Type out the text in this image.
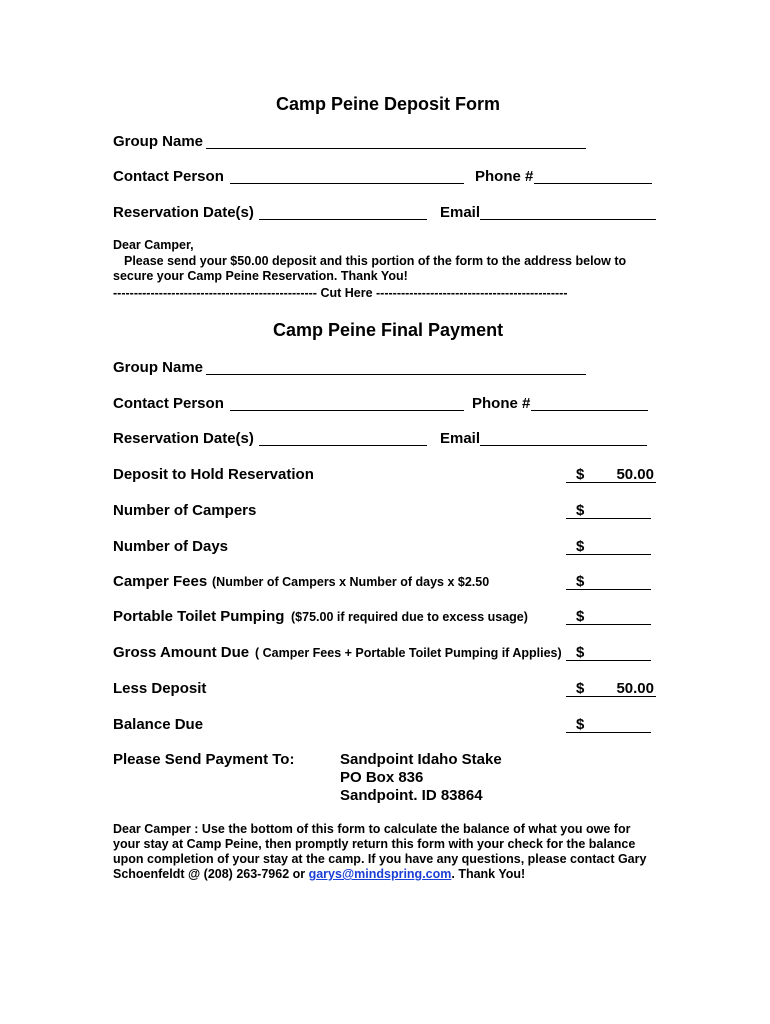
Camp Peine Deposit Form
Group Name
Contact Person	Phone #
Reservation Date(s)	Email
Dear Camper,
Please send your $50.00 deposit and this portion of the form to the address below to
secure your Camp Peine Reservation. Thank You!
------------------------------------------------- Cut Here ----------------------------------------------
Camp Peine Final Payment
Group Name
Contact Person	Phone #
Reservation Date(s)	Email
Deposit to Hold Reservation	$	50.00
Number of Campers	$
Number of Days	$
Camper Fees (Number of Campers x Number of days x $2.50	$
Portable Toilet Pumping ($75.00 if required due to excess usage)	$
Gross Amount Due ( Camper Fees + Portable Toilet Pumping if Applies) $
Less Deposit	$	50.00
Balance Due	$
Please Send Payment To:	Sandpoint Idaho Stake
PO Box 836
Sandpoint. ID 83864
Dear Camper : Use the bottom of this form to calculate the balance of what you owe for
your stay at Camp Peine, then promptly return this form with your check for the balance
upon completion of your stay at the camp. If you have any questions, please contact Gary
Schoenfeldt @ (208) 263-7962 or garys@mindspring.com. Thank You!
